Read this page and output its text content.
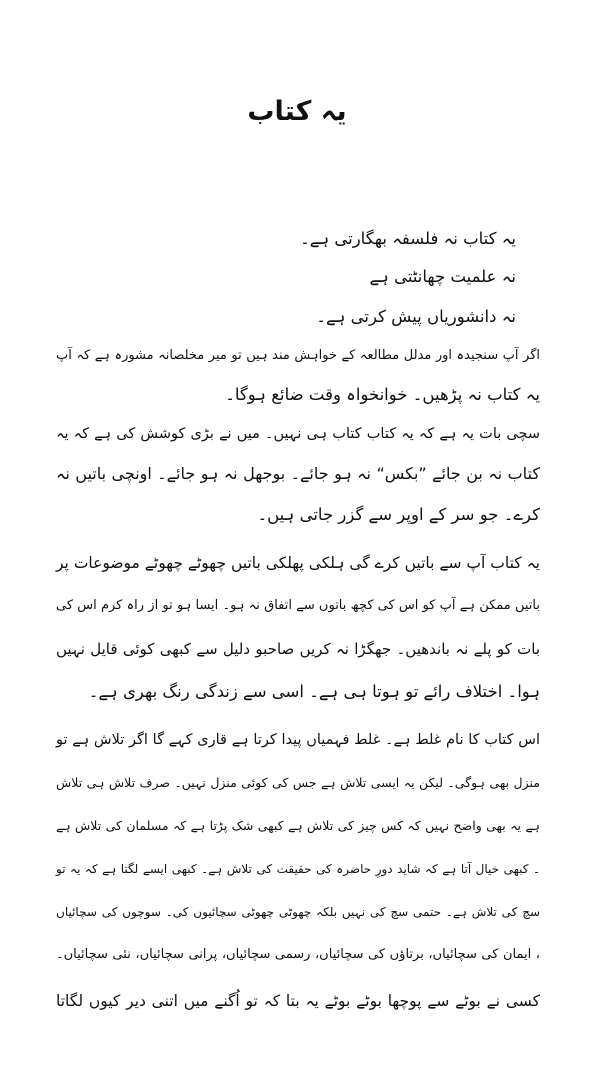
یہ کتاب
یہ کتاب نہ فلسفہ بھگارتی ہے۔
نہ علمیت چھانٹتی ہے
نہ دانشوریاں پیش کرتی ہے۔
اگر آپ سنجیدہ اور مدلل مطالعہ کے خواہش مند ہیں تو میر مخلصانہ مشورہ ہے کہ آپ
یہ کتاب نہ پڑھیں۔ خوانخواہ وقت ضائع ہوگا۔
سچی بات یہ ہے کہ یہ کتاب کتاب ہی نہیں۔ میں نے بڑی کوشش کی ہے کہ یہ
کتاب نہ بن جائے ”بکس“ نہ ہو جائے۔ بوجھل نہ ہو جائے۔ اونچی باتیں نہ
کرے۔ جو سر کے اوپر سے گزر جاتی ہیں۔
یہ کتاب آپ سے باتیں کرے گی ہلکی پھلکی باتیں چھوٹے چھوٹے موضوعات پر
باتیں ممکن ہے آپ کو اس کی کچھ باتوں سے اتفاق نہ ہو۔ ایسا ہو تو از راہ کرم اس کی
بات کو پلے نہ باندھیں۔ جھگڑا نہ کریں صاحبو دلیل سے کبھی کوئی قایل نہیں
ہوا۔ اختلاف رائے تو ہوتا ہی ہے۔ اسی سے زندگی رنگ بھری ہے۔
اس کتاب کا نام غلط ہے۔ غلط فہمیاں پیدا کرتا ہے قاری کہے گا اگر تلاش ہے تو
منزل بھی ہوگی۔ لیکن یہ ایسی تلاش ہے جس کی کوئی منزل نہیں۔ صرف تلاش ہی تلاش
ہے یہ بھی واضح نہیں کہ کس چیز کی تلاش ہے کبھی شک پڑتا ہے کہ مسلمان کی تلاش ہے
۔ کبھی خیال آتا ہے کہ شاید دورِ حاضرہ کی حقیقت کی تلاش ہے۔ کبھی ایسے لگتا ہے کہ یہ تو
سچ کی تلاش ہے۔ حتمی سچ کی نہیں بلکہ چھوٹی چھوٹی سچائیوں کی۔ سوچوں کی سچائیاں
، ایمان کی سچائیاں، برتاؤں کی سچائیاں، رسمی سچائیاں، پرانی سچائیاں، نئی سچائیاں۔
کسی نے بوٹے سے پوچھا بوٹے بوٹے یہ بتا کہ تو اُگنے میں اتنی دیر کیوں لگاتا
